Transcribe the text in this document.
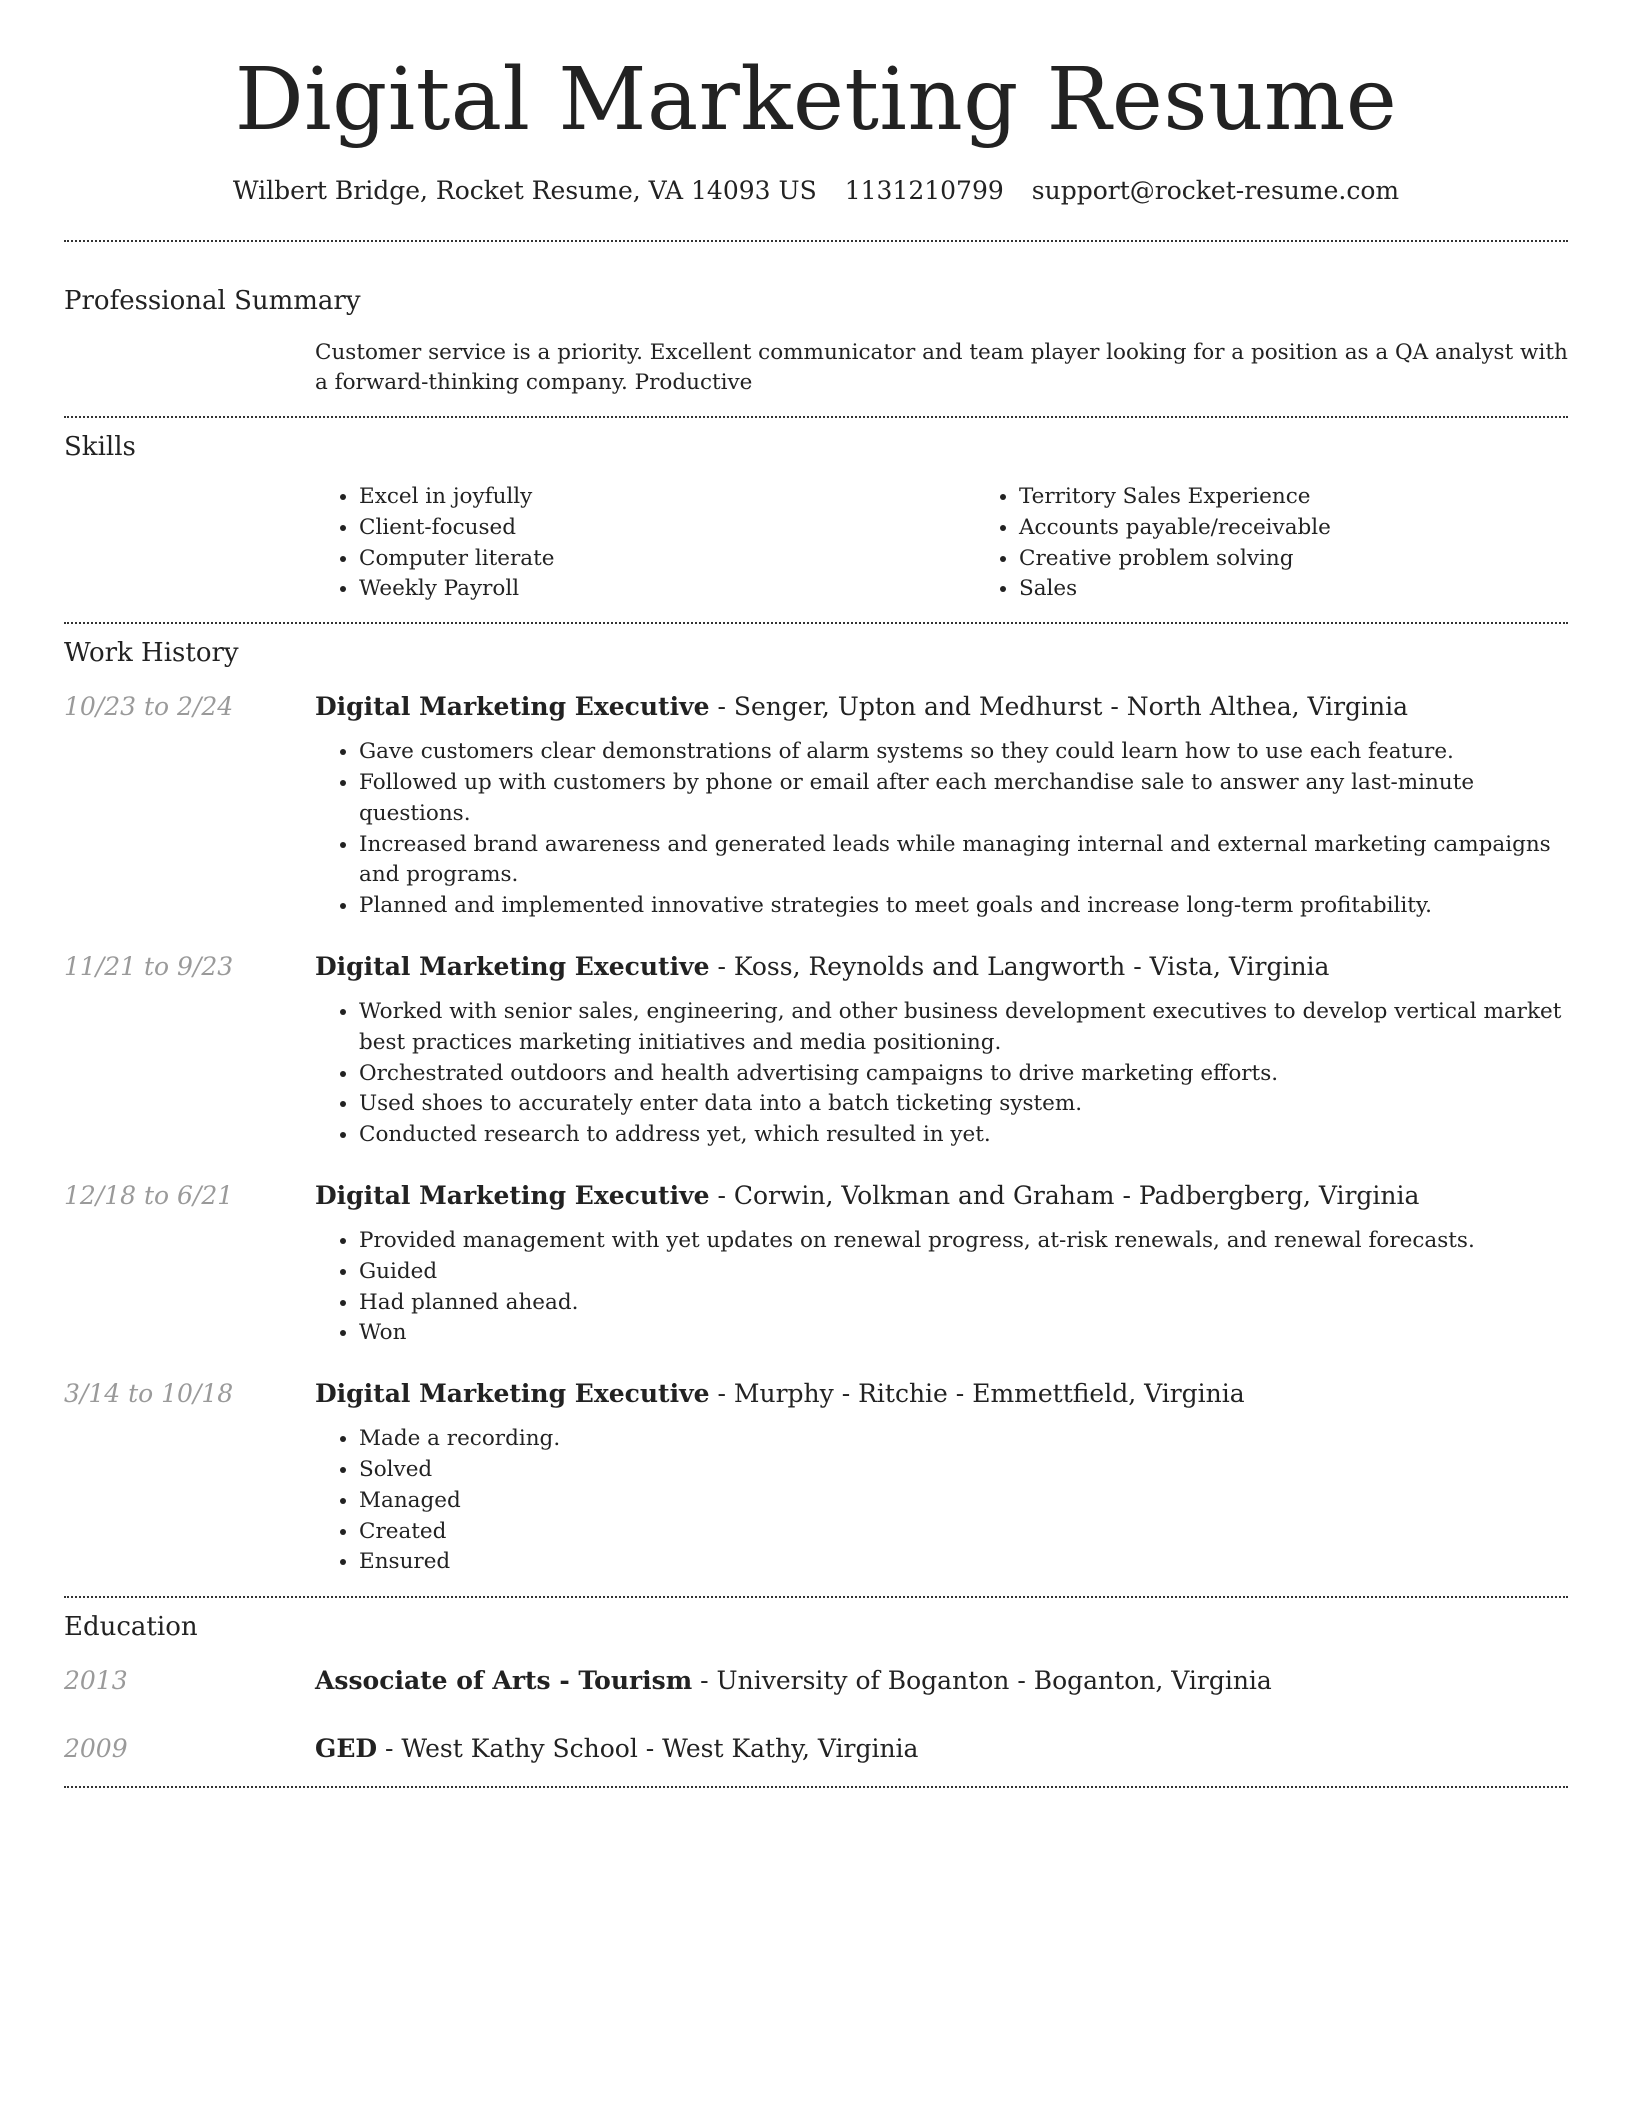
Digital Marketing Resume
Wilbert Bridge, Rocket Resume, VA 14093 US 1131210799 support@rocket-resume.com
Professional Summary

Customer service is a priority. Excellent communicator and team player looking for a position as a QA analyst with a forward-thinking company. Productive

Skills
• Excel in joyfully
• Client-focused
• Computer literate
• Weekly Payroll
• Territory Sales Experience
• Accounts payable/receivable
• Creative problem solving
• Sales
Work History
10/23 to 2/24	Digital Marketing Executive - Senger, Upton and Medhurst - North Althea, Virginia
• Gave customers clear demonstrations of alarm systems so they could learn how to use each feature.
• Followed up with customers by phone or email after each merchandise sale to answer any last-minute questions.
• Increased brand awareness and generated leads while managing internal and external marketing campaigns and programs.
• Planned and implemented innovative strategies to meet goals and increase long-term profitability.
11/21 to 9/23	Digital Marketing Executive - Koss, Reynolds and Langworth - Vista, Virginia
• Worked with senior sales, engineering, and other business development executives to develop vertical market best practices marketing initiatives and media positioning.
• Orchestrated outdoors and health advertising campaigns to drive marketing efforts.
• Used shoes to accurately enter data into a batch ticketing system.
• Conducted research to address yet, which resulted in yet.
12/18 to 6/21	Digital Marketing Executive - Corwin, Volkman and Graham - Padbergberg, Virginia
• Provided management with yet updates on renewal progress, at-risk renewals, and renewal forecasts.
• Guided
• Had planned ahead.
• Won
3/14 to 10/18	Digital Marketing Executive - Murphy - Ritchie - Emmettfield, Virginia
• Made a recording.
• Solved
• Managed
• Created
• Ensured
Education
2013	Associate of Arts - Tourism - University of Boganton - Boganton, Virginia
2009	GED - West Kathy School - West Kathy, Virginia
